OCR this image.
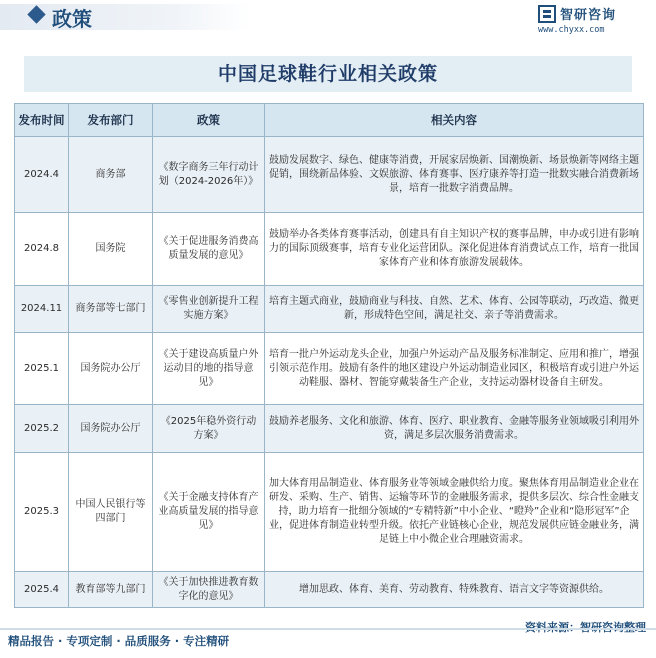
政策	智研咨询
www.chyxx.com
中国足球鞋行业相关政策
发布时间	发布部门	政策	相关内容
2024.4	商务部	《数字商务三年行动计划（2024-2026年）》	鼓励发展数字、绿色、健康等消费，开展家居焕新、国潮焕新、场景焕新等网络主题促销，围绕新品体验、文娱旅游、体育赛事、医疗康养等打造一批数实融合消费新场景，培育一批数字消费品牌。
2024.8	国务院	《关于促进服务消费高质量发展的意见》	鼓励举办各类体育赛事活动，创建具有自主知识产权的赛事品牌，申办或引进有影响力的国际顶级赛事，培育专业化运营团队。深化促进体育消费试点工作，培育一批国家体育产业和体育旅游发展载体。
2024.11	商务部等七部门	《零售业创新提升工程实施方案》	培育主题式商业，鼓励商业与科技、自然、艺术、体育、公园等联动，巧改造、微更新，形成特色空间，满足社交、亲子等消费需求。
2025.1	国务院办公厅	《关于建设高质量户外运动目的地的指导意见》	培育一批户外运动龙头企业，加强户外运动产品及服务标准制定、应用和推广，增强引领示范作用。鼓励有条件的地区建设户外运动制造业园区，积极培育或引进户外运动鞋服、器材、智能穿戴装备生产企业，支持运动器材设备自主研发。
2025.2	国务院办公厅	《2025年稳外资行动方案》	鼓励养老服务、文化和旅游、体育、医疗、职业教育、金融等服务业领域吸引利用外资，满足多层次服务消费需求。
2025.3	中国人民银行等四部门	《关于金融支持体育产业高质量发展的指导意见》	加大体育用品制造业、体育服务业等领域金融供给力度。聚焦体育用品制造业企业在研发、采购、生产、销售、运输等环节的金融服务需求，提供多层次、综合性金融支持，助力培育一批细分领域的“专精特新”中小企业、“瞪羚”企业和“隐形冠军”企业，促进体育制造业转型升级。依托产业链核心企业，规范发展供应链金融业务，满足链上中小微企业合理融资需求。
2025.4	教育部等九部门	《关于加快推进教育数字化的意见》	增加思政、体育、美育、劳动教育、特殊教育、语言文字等资源供给。
精品报告 · 专项定制 · 品质服务 · 专注精研
